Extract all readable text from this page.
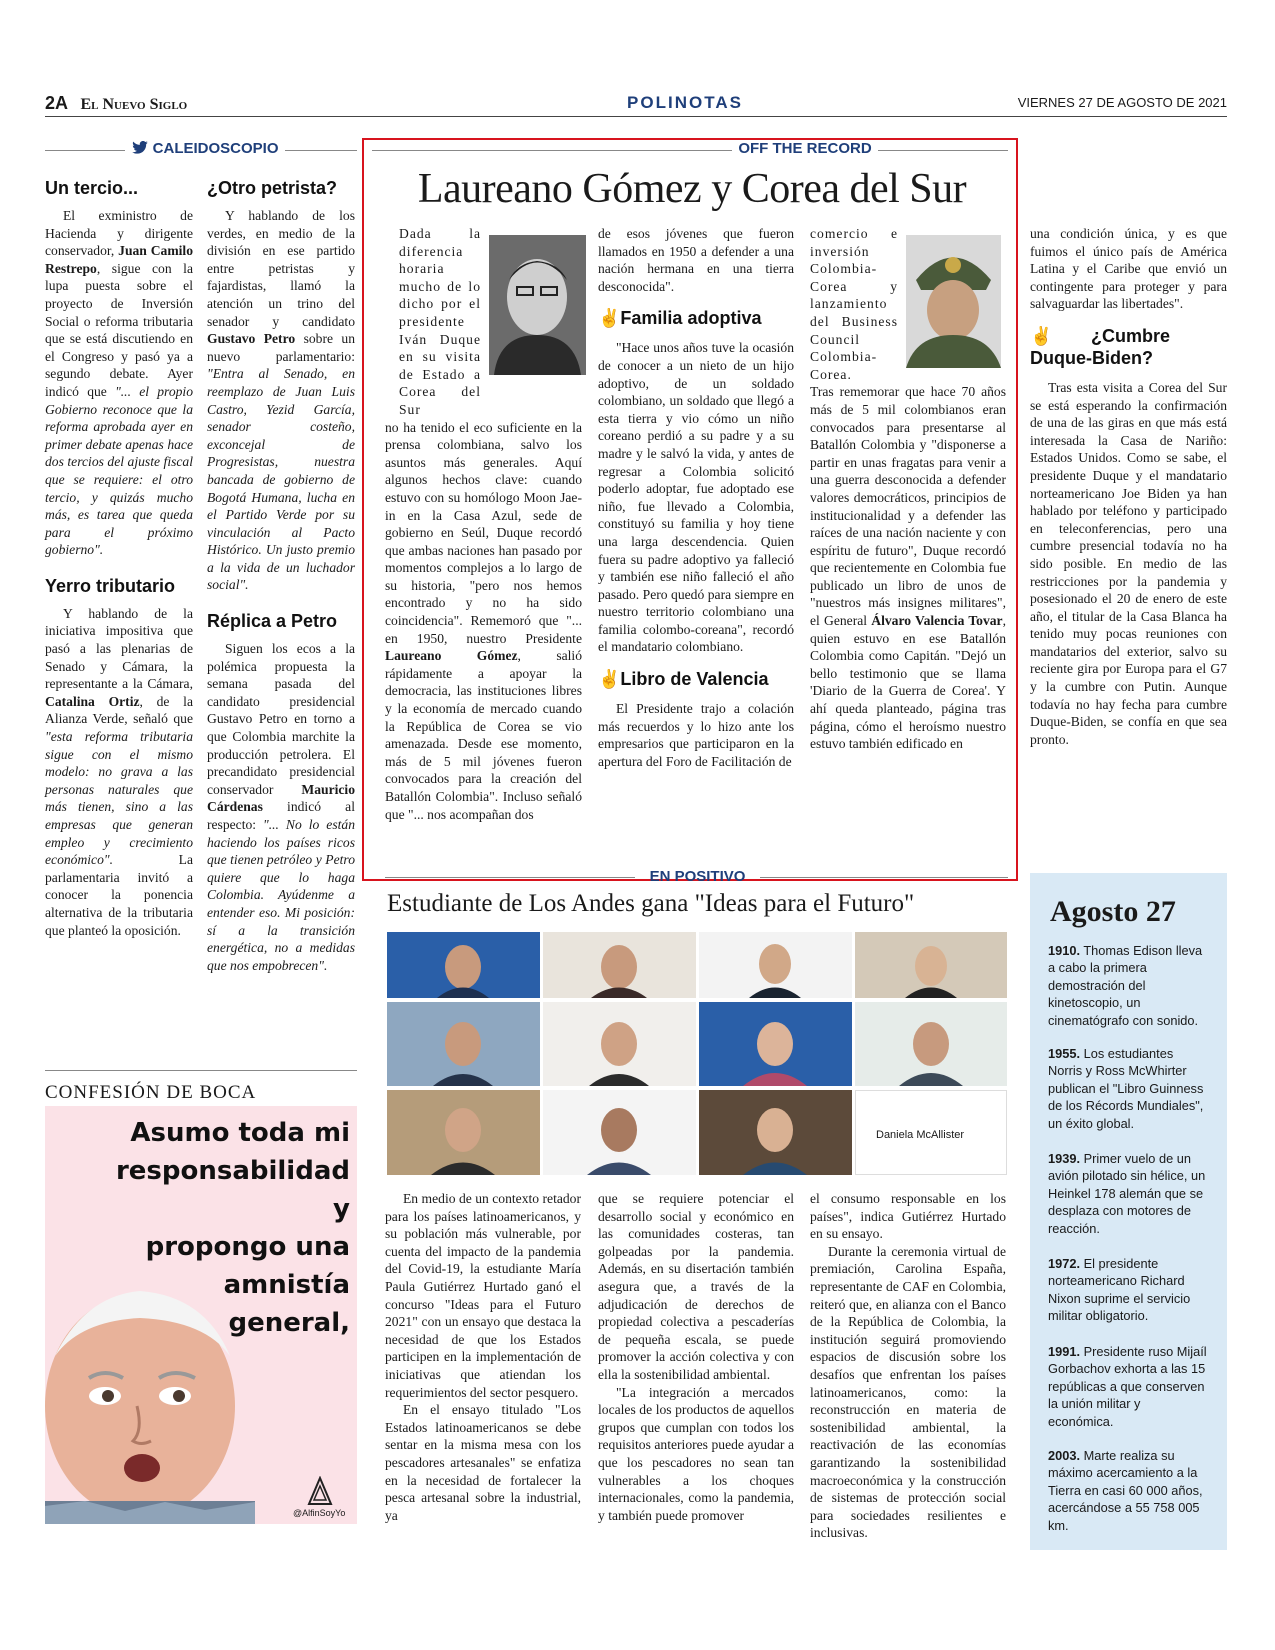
2A El Nuevo Siglo	POLINOTAS	VIERNES 27 DE AGOSTO DE 2021
CALEIDOSCOPIO
Un tercio...

El exministro de Hacienda y dirigente conservador, Juan Camilo Restrepo, sigue con la lupa puesta sobre el proyecto de Inversión Social o reforma tributaria que se está discutiendo en el Congreso y pasó ya a segundo debate. Ayer indicó que "... el propio Gobierno reconoce que la reforma aprobada ayer en primer debate apenas hace dos tercios del ajuste fiscal que se requiere: el otro tercio, y quizás mucho más, es tarea que queda para el próximo gobierno".

Yerro tributario

Y hablando de la iniciativa impositiva que pasó a las plenarias de Senado y Cámara, la representante a la Cámara, Catalina Ortiz, de la Alianza Verde, señaló que "esta reforma tributaria sigue con el mismo modelo: no grava a las personas naturales que más tienen, sino a las empresas que generan empleo y crecimiento económico". La parlamentaria invitó a conocer la ponencia alternativa de la tributaria que planteó la oposición.

¿Otro petrista?

Y hablando de los verdes, en medio de la división en ese partido entre petristas y fajardistas, llamó la atención un trino del senador y candidato Gustavo Petro sobre un nuevo parlamentario: "Entra al Senado, en reemplazo de Juan Luis Castro, Yezid García, senador costeño, exconcejal de Progresistas, nuestra bancada de gobierno de Bogotá Humana, lucha en el Partido Verde por su vinculación al Pacto Histórico. Un justo premio a la vida de un luchador social".

Réplica a Petro

Siguen los ecos a la polémica propuesta la semana pasada del candidato presidencial Gustavo Petro en torno a que Colombia marchite la producción petrolera. El precandidato presidencial conservador Mauricio Cárdenas indicó al respecto: "... No lo están haciendo los países ricos que tienen petróleo y Petro quiere que lo haga Colombia. Ayúdenme a entender eso. Mi posición: sí a la transición energética, no a medidas que nos empobrecen".

CONFESIÓN DE BOCA
Asumo toda mi
responsabilidad y
propongo una
amnistía
general,
@AlfinSoyYo
OFF THE RECORD
Laureano Gómez y Corea del Sur

Dada la diferencia horaria mucho de lo dicho por el presidente Iván Duque en su visita de Estado a Corea del Sur
no ha tenido el eco suficiente en la prensa colombiana, salvo los asuntos más generales. Aquí algunos hechos clave: cuando estuvo con su homólogo Moon Jae-in en la Casa Azul, sede de gobierno en Seúl, Duque recordó que ambas naciones han pasado por momentos complejos a lo largo de su historia, "pero nos hemos encontrado y no ha sido coincidencia". Rememoró que "... en 1950, nuestro Presidente Laureano Gómez, salió rápidamente a apoyar la democracia, las instituciones libres y la economía de mercado cuando la República de Corea se vio amenazada. Desde ese momento, más de 5 mil jóvenes fueron convocados para la creación del Batallón Colombia". Incluso señaló que "... nos acompañan dos

de esos jóvenes que fueron llamados en 1950 a defender a una nación hermana en una tierra desconocida".

✌Familia adoptiva

"Hace unos años tuve la ocasión de conocer a un nieto de un hijo adoptivo, de un soldado colombiano, un soldado que llegó a esta tierra y vio cómo un niño coreano perdió a su padre y a su madre y le salvó la vida, y antes de regresar a Colombia solicitó poderlo adoptar, fue adoptado ese niño, fue llevado a Colombia, constituyó su familia y hoy tiene una larga descendencia. Quien fuera su padre adoptivo ya falleció y también ese niño falleció el año pasado. Pero quedó para siempre en nuestro territorio colombiano una familia colombo-coreana", recordó el mandatario colombiano.

✌Libro de Valencia

El Presidente trajo a colación más recuerdos y lo hizo ante los empresarios que participaron en la apertura del Foro de Facilitación de

comercio e inversión Colombia-Corea y lanzamiento del Business Council Colombia-Corea.
Tras rememorar que hace 70 años más de 5 mil colombianos eran convocados para presentarse al Batallón Colombia y "disponerse a partir en unas fragatas para venir a una guerra desconocida a defender valores democráticos, principios de institucionalidad y a defender las raíces de una nación naciente y con espíritu de futuro", Duque recordó que recientemente en Colombia fue publicado un libro de unos de "nuestros más insignes militares", el General Álvaro Valencia Tovar, quien estuvo en ese Batallón Colombia como Capitán. "Dejó un bello testimonio que se llama 'Diario de la Guerra de Corea'. Y ahí queda planteado, página tras página, cómo el heroísmo nuestro estuvo también edificado en

una condición única, y es que fuimos el único país de América Latina y el Caribe que envió un contingente para proteger y para salvaguardar las libertades".

✌¿Cumbre Duque-Biden?

Tras esta visita a Corea del Sur se está esperando la confirmación de una de las giras en que más está interesada la Casa de Nariño: Estados Unidos. Como se sabe, el presidente Duque y el mandatario norteamericano Joe Biden ya han hablado por teléfono y participado en teleconferencias, pero una cumbre presencial todavía no ha sido posible. En medio de las restricciones por la pandemia y posesionado el 20 de enero de este año, el titular de la Casa Blanca ha tenido muy pocas reuniones con mandatarios del exterior, salvo su reciente gira por Europa para el G7 y la cumbre con Putin. Aunque todavía no hay fecha para cumbre Duque-Biden, se confía en que sea pronto.

EN POSITIVO
Estudiante de Los Andes gana "Ideas para el Futuro"
Daniela McAllister

En medio de un contexto retador para los países latinoamericanos, y su población más vulnerable, por cuenta del impacto de la pandemia del Covid-19, la estudiante María Paula Gutiérrez Hurtado ganó el concurso "Ideas para el Futuro 2021" con un ensayo que destaca la necesidad de que los Estados participen en la implementación de iniciativas que atiendan los requerimientos del sector pesquero.

En el ensayo titulado "Los Estados latinoamericanos se debe sentar en la misma mesa con los pescadores artesanales" se enfatiza en la necesidad de fortalecer la pesca artesanal sobre la industrial, ya

que se requiere potenciar el desarrollo social y económico en las comunidades costeras, tan golpeadas por la pandemia. Además, en su disertación también asegura que, a través de la adjudicación de derechos de propiedad colectiva a pescaderías de pequeña escala, se puede promover la acción colectiva y con ella la sostenibilidad ambiental.

"La integración a mercados locales de los productos de aquellos grupos que cumplan con todos los requisitos anteriores puede ayudar a que los pescadores no sean tan vulnerables a los choques internacionales, como la pandemia, y también puede promover

el consumo responsable en los países", indica Gutiérrez Hurtado en su ensayo.

Durante la ceremonia virtual de premiación, Carolina España, representante de CAF en Colombia, reiteró que, en alianza con el Banco de la República de Colombia, la institución seguirá promoviendo espacios de discusión sobre los desafíos que enfrentan los países latinoamericanos, como: la reconstrucción en materia de sostenibilidad ambiental, la reactivación de las economías garantizando la sostenibilidad macroeconómica y la construcción de sistemas de protección social para sociedades resilientes e inclusivas.

Agosto 27
1910. Thomas Edison lleva a cabo la primera demostración del kinetoscopio, un cinematógrafo con sonido.
1955. Los estudiantes Norris y Ross McWhirter publican el "Libro Guinness de los Récords Mundiales", un éxito global.
1939. Primer vuelo de un avión pilotado sin hélice, un Heinkel 178 alemán que se desplaza con motores de reacción.
1972. El presidente norteamericano Richard Nixon suprime el servicio militar obligatorio.
1991. Presidente ruso Mijaíl Gorbachov exhorta a las 15 repúblicas a que conserven la unión militar y económica.
2003. Marte realiza su máximo acercamiento a la Tierra en casi 60 000 años, acercándose a 55 758 005 km.
